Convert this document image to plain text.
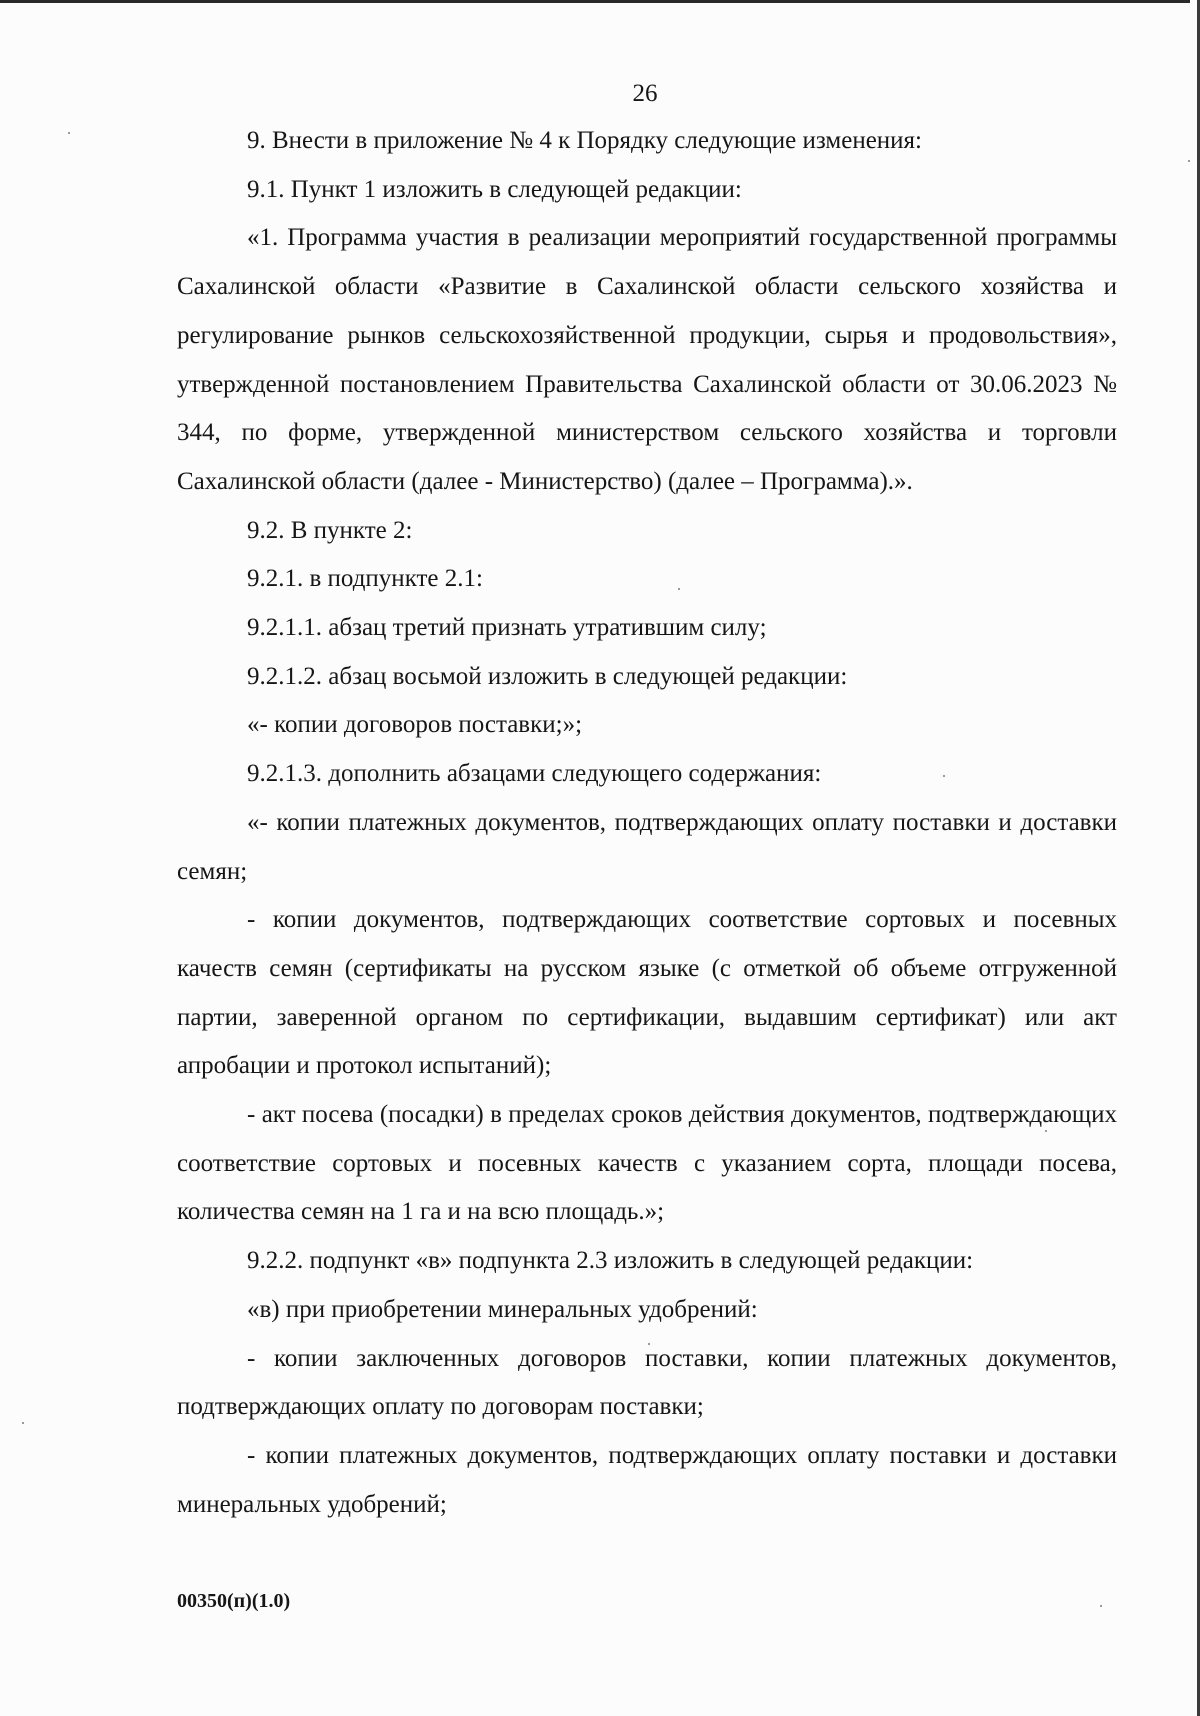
26

9. Внести в приложение № 4 к Порядку следующие изменения:

9.1. Пункт 1 изложить в следующей редакции:

«1. Программа участия в реализации мероприятий государственной программы Сахалинской области «Развитие в Сахалинской области сельского хозяйства и регулирование рынков сельскохозяйственной продукции, сырья и продовольствия», утвержденной постановлением Правительства Сахалинской области от 30.06.2023 № 344, по форме, утвержденной министерством сельского хозяйства и торговли Сахалинской области (далее - Министерство) (далее – Программа).».

9.2. В пункте 2:

9.2.1. в подпункте 2.1:

9.2.1.1. абзац третий признать утратившим силу;

9.2.1.2. абзац восьмой изложить в следующей редакции:

«- копии договоров поставки;»;

9.2.1.3. дополнить абзацами следующего содержания:

«- копии платежных документов, подтверждающих оплату поставки и доставки семян;

- копии документов, подтверждающих соответствие сортовых и посевных качеств семян (сертификаты на русском языке (с отметкой об объеме отгруженной партии, заверенной органом по сертификации, выдавшим сертификат) или акт апробации и протокол испытаний);

- акт посева (посадки) в пределах сроков действия документов, подтверждающих соответствие сортовых и посевных качеств с указанием сорта, площади посева, количества семян на 1 га и на всю площадь.»;

9.2.2. подпункт «в» подпункта 2.3 изложить в следующей редакции:

«в) при приобретении минеральных удобрений:

- копии заключенных договоров поставки, копии платежных документов, подтверждающих оплату по договорам поставки;

- копии платежных документов, подтверждающих оплату поставки и доставки минеральных удобрений;

00350(п)(1.0)
